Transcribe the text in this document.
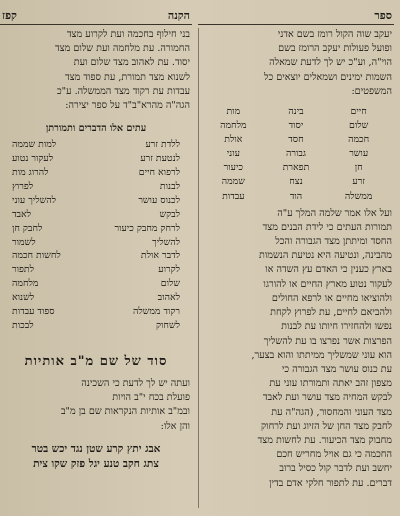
ספר
יעקב שוה הקול רומז בשם אדני
ופועל פעולות יעקב הרומז בשם
הוי"ה, וע"כ יש לך לדעת שמאלה
השמות ימינים ושמאלים יוצאים כל
המשפטים:
חיים
בינה
מות
שלום
יסוד
מלחמה
חכמה
חסד
אולת
עושר
גבורה
עוני
חן
תפארת
כיעור
זרע
נצח
שממה
ממשלה
הוד
עבדות
ועל אלו אמר שלמה המלך ע"ה
תמורות העתים כי לידת הבנים מצד
החסד ומיתתן מצד הגבורה והכל
מהבינה, ונטיעה היא נטיעת הנשמות
בארץ כענין כי האדם עץ השדה או
לעקור נטוע מארץ החיים או להורגו
ולהוציאו מחיים או לרפא החולים
ולהביאם לחיים, עת לפרוץ לקחת
נפשו ולהחזירו חיותו עת לבנות
הפרצות אשר נפרצו בו עת להשליך
הוא עוני שמשליך ממיתתו והוא בצער,
עת כנוס עושר מצד הגבורה כי
מצפון זהב יאתה ותמורתו עוני עת
לבקש המחיה מצד עושר ועת לאבד
מצד העוני והמחסור, (הגה"ה עת
לחבק מצד החן של הזיוג ועת לרחוק
מחבוק מצד הכיעור. עת לחשות מצד
החכמה כי גם אויל מחריש חכם
יחשב ועת לדבר קול כסיל ברוב
דברים. עת לתפור חלקי אדם בדין
הקנה
קפז
בני חילוף בחכמה ועת לקרוע מצד
החמורה. עת מלחמה ועת שלום מצד
יסוד. עת לאהוב מצד שלום ועת
לשנוא מצד תמורת, עת ספוד מצד
עבדות עת רקוד מצד הממשלה. ע"כ
הגה"ה מהרא"ב"ד על ספר יצירה:
עתים אלו הדברים ותמורתן
ללדת זרע
למות שממה
לנטעת זרע
לעקור נטוע
לרפוא חיים
להרוג מות
לבנות
לפרוץ
לכנוס עושר
להשליך עוני
לבקש
לאבד
לרחק מחבק כיעור
לחבק חן
להשליך
לשמור
לדבר אולת
לחשות חכמה
לקרוע
לתפור
שלום
מלחמה
לאהוב
לשנוא
רקוד ממשלה
ספוד עבדות
לשחוק
לבכות
סוד של שם מ"ב אותיות
ועתה יש לך לדעת כי השכינה
פועלת בכח י"ב הויות
ובמ"ב אותיות הנקראות שם בן מ"ב
והן אלו:
אבג יתץ קרע שטן נגד יכש בטר
צתג חקב טנע יגל פזק שקו צית
